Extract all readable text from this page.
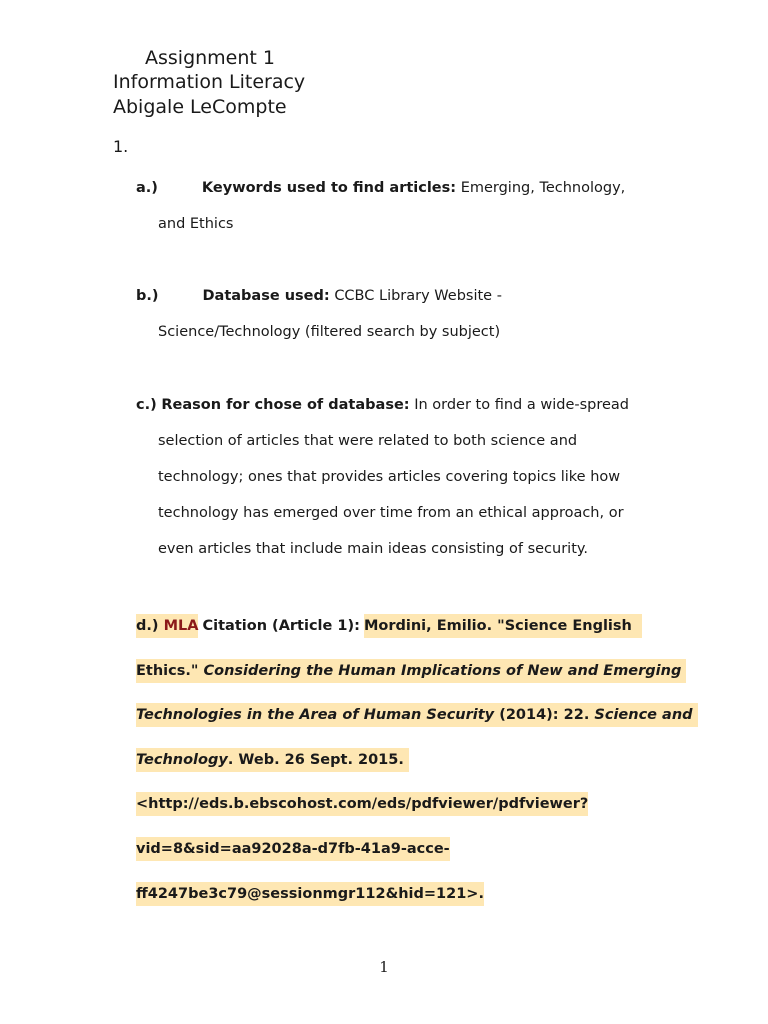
Assignment 1
Information Literacy
Abigale LeCompte
1.
a.)	Keywords used to find articles: Emerging, Technology,
and Ethics
b.)	Database used: CCBC Library Website -
Science/Technology (filtered search by subject)
c.) Reason for chose of database: In order to find a wide-spread
selection of articles that were related to both science and
technology; ones that provides articles covering topics like how
technology has emerged over time from an ethical approach, or
even articles that include main ideas consisting of security.
d.) MLA Citation (Article 1): Mordini, Emilio. "Science English
Ethics." Considering the Human Implications of New and Emerging
Technologies in the Area of Human Security (2014): 22. Science and
Technology. Web. 26 Sept. 2015.
<http://eds.b.ebscohost.com/eds/pdfviewer/pdfviewer?
vid=8&sid=aa92028a-d7fb-41a9-acce-
ff4247be3c79@sessionmgr112&hid=121>.
1
